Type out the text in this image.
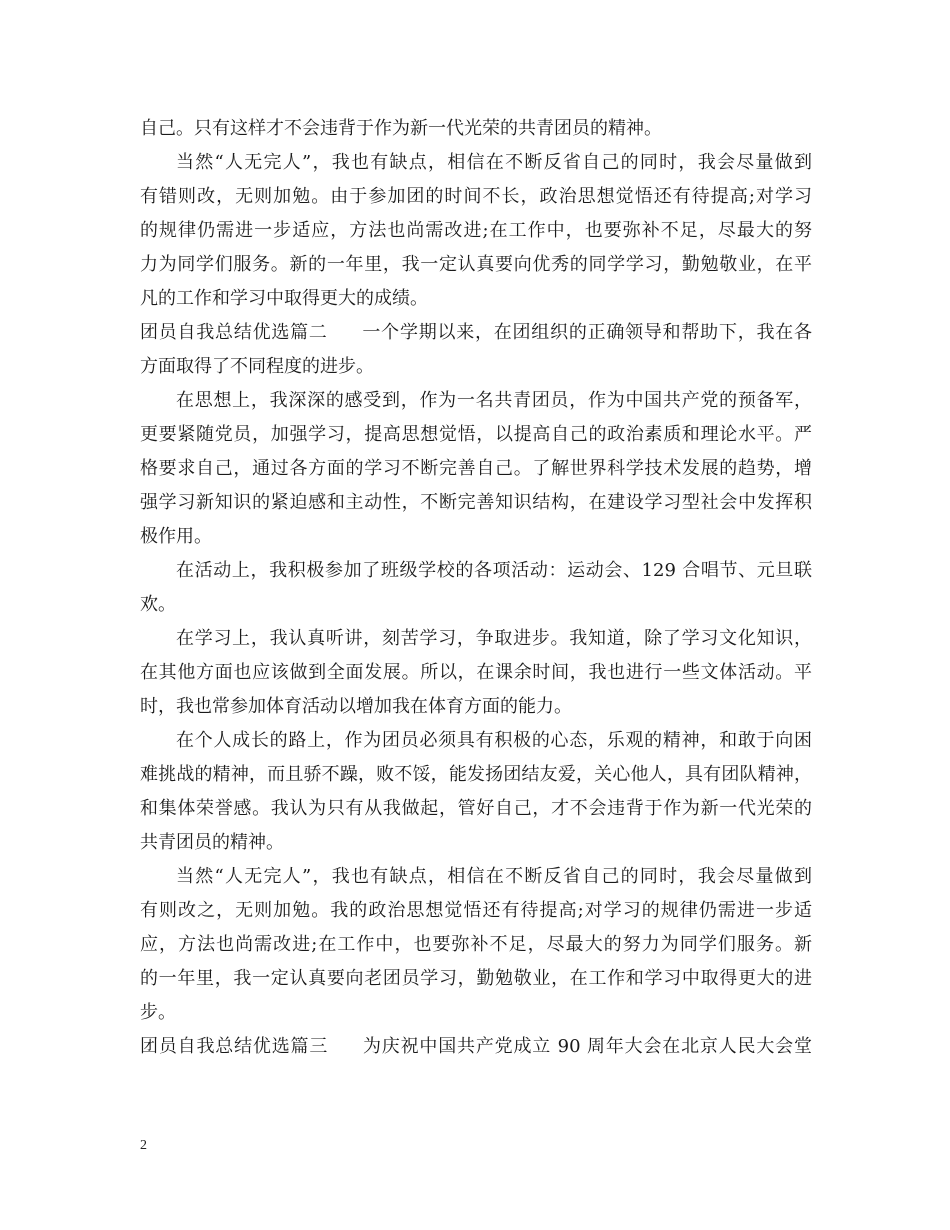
自己。只有这样才不会违背于作为新一代光荣的共青团员的精神。
当然“人无完人”，我也有缺点，相信在不断反省自己的同时，我会尽量做到
有错则改，无则加勉。由于参加团的时间不长，政治思想觉悟还有待提高;对学习
的规律仍需进一步适应，方法也尚需改进;在工作中，也要弥补不足，尽最大的努
力为同学们服务。新的一年里，我一定认真要向优秀的同学学习，勤勉敬业，在平
凡的工作和学习中取得更大的成绩。
团员自我总结优选篇二 一个学期以来，在团组织的正确领导和帮助下，我在各
方面取得了不同程度的进步。
在思想上，我深深的感受到，作为一名共青团员，作为中国共产党的预备军，
更要紧随党员，加强学习，提高思想觉悟，以提高自己的政治素质和理论水平。严
格要求自己，通过各方面的学习不断完善自己。了解世界科学技术发展的趋势，增
强学习新知识的紧迫感和主动性，不断完善知识结构，在建设学习型社会中发挥积
极作用。
在活动上，我积极参加了班级学校的各项活动：运动会、129 合唱节、元旦联
欢。
在学习上，我认真听讲，刻苦学习，争取进步。我知道，除了学习文化知识，
在其他方面也应该做到全面发展。所以，在课余时间，我也进行一些文体活动。平
时，我也常参加体育活动以增加我在体育方面的能力。
在个人成长的路上，作为团员必须具有积极的心态，乐观的精神，和敢于向困
难挑战的精神，而且骄不躁，败不馁，能发扬团结友爱，关心他人，具有团队精神，
和集体荣誉感。我认为只有从我做起，管好自己，才不会违背于作为新一代光荣的
共青团员的精神。
当然“人无完人”，我也有缺点，相信在不断反省自己的同时，我会尽量做到
有则改之，无则加勉。我的政治思想觉悟还有待提高;对学习的规律仍需进一步适
应，方法也尚需改进;在工作中，也要弥补不足，尽最大的努力为同学们服务。新
的一年里，我一定认真要向老团员学习，勤勉敬业，在工作和学习中取得更大的进
步。
团员自我总结优选篇三 为庆祝中国共产党成立 90 周年大会在北京人民大会堂
2
